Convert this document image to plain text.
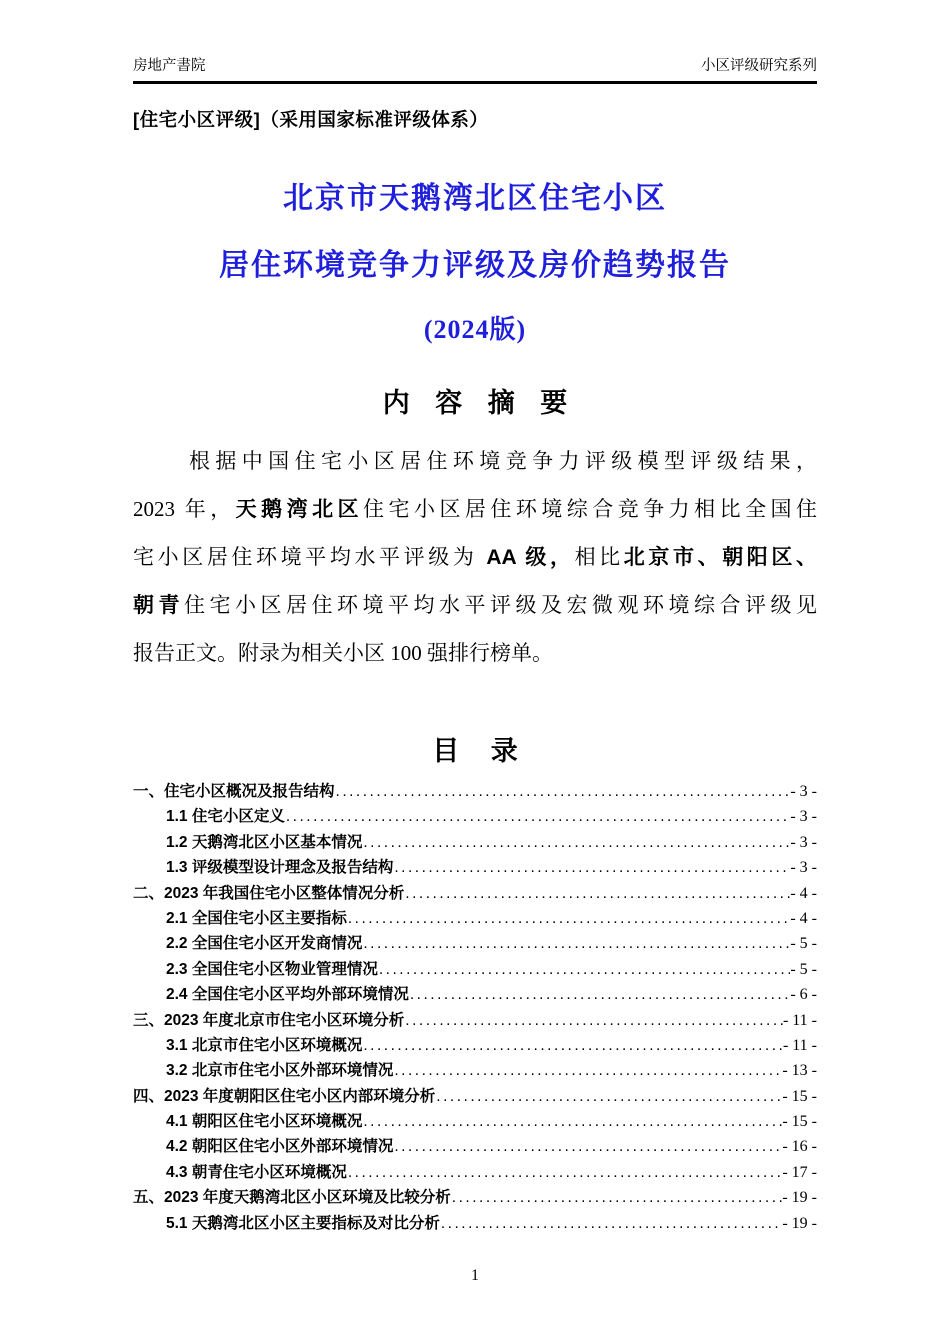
房地产書院	小区评级研究系列
[住宅小区评级]（采用国家标准评级体系）
北京市天鹅湾北区住宅小区
居住环境竞争力评级及房价趋势报告
(2024版)
内 容 摘 要
根据中国住宅小区居住环境竞争力评级模型评级结果，
2023 年，天鹅湾北区住宅小区居住环境综合竞争力相比全国住
宅小区居住环境平均水平评级为 AA 级，相比北京市、朝阳区、
朝青住宅小区居住环境平均水平评级及宏微观环境综合评级见
报告正文。附录为相关小区 100 强排行榜单。
目 录
一、住宅小区概况及报告结构 .....	- 3 -
1.1 住宅小区定义 .....	- 3 -
1.2 天鹅湾北区小区基本情况 .....	- 3 -
1.3 评级模型设计理念及报告结构 .....	- 3 -
二、2023 年我国住宅小区整体情况分析 .....	- 4 -
2.1 全国住宅小区主要指标 .....	- 4 -
2.2 全国住宅小区开发商情况 .....	- 5 -
2.3 全国住宅小区物业管理情况 .....	- 5 -
2.4 全国住宅小区平均外部环境情况 .....	- 6 -
三、2023 年度北京市住宅小区环境分析 .....	- 11 -
3.1 北京市住宅小区环境概况 .....	- 11 -
3.2 北京市住宅小区外部环境情况 .....	- 13 -
四、2023 年度朝阳区住宅小区内部环境分析 .....	- 15 -
4.1 朝阳区住宅小区环境概况 .....	- 15 -
4.2 朝阳区住宅小区外部环境情况 .....	- 16 -
4.3 朝青住宅小区环境概况 .....	- 17 -
五、2023 年度天鹅湾北区小区环境及比较分析 .....	- 19 -
5.1 天鹅湾北区小区主要指标及对比分析 .....	- 19 -
1
